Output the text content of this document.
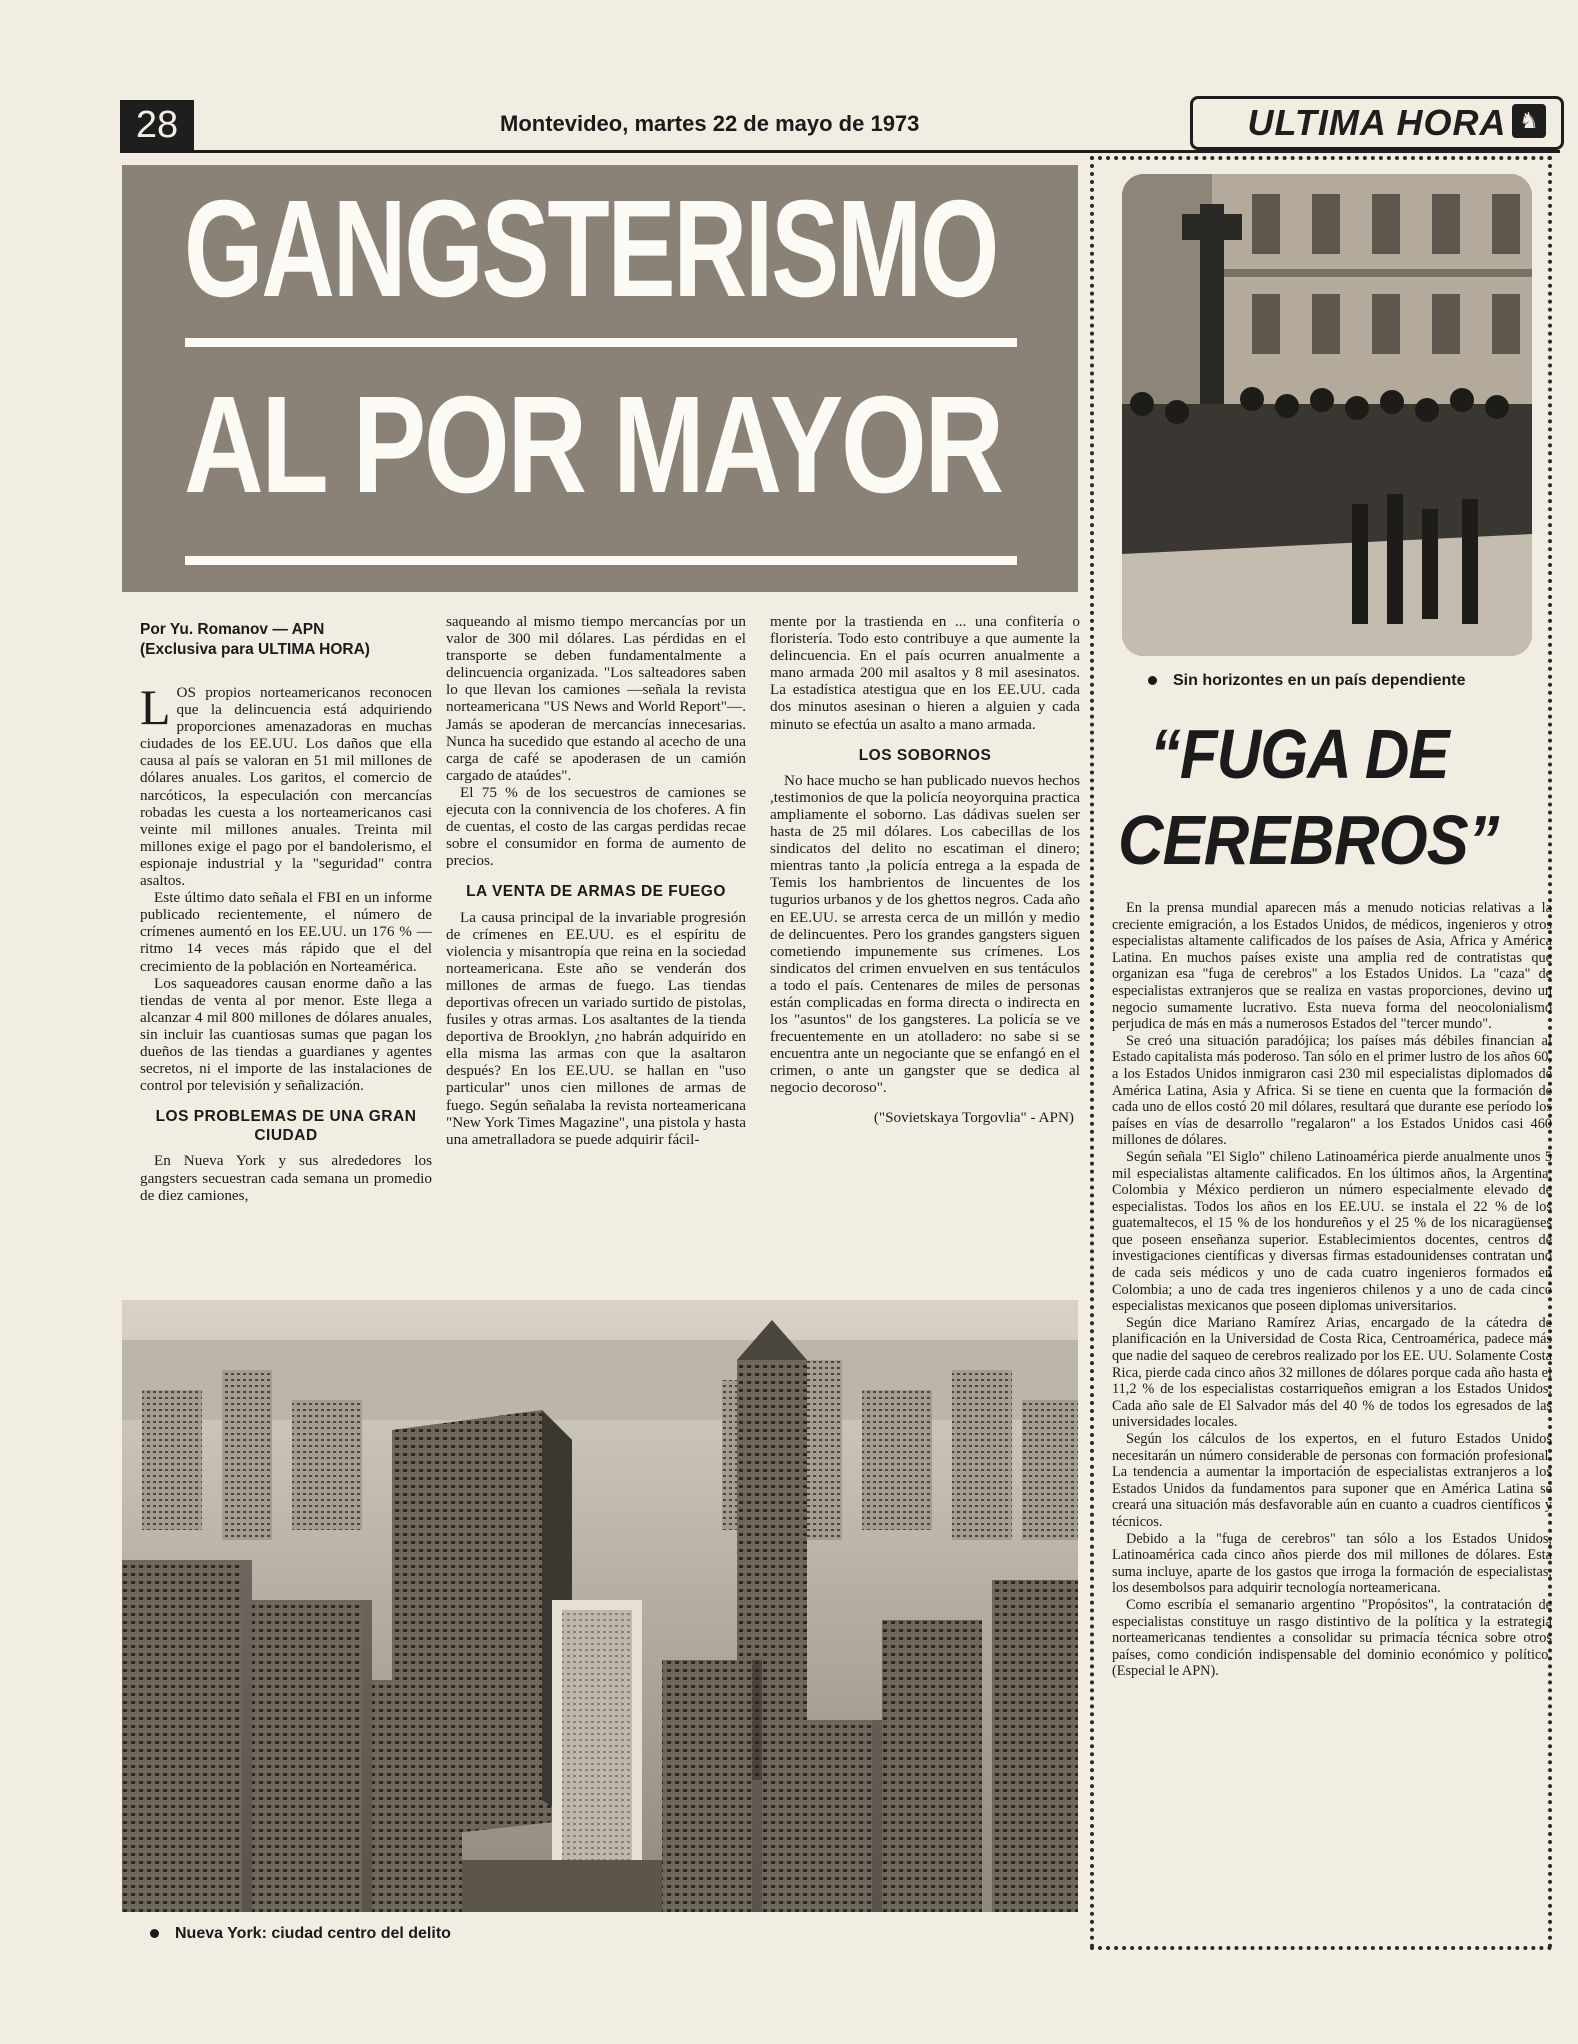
28	Montevideo, martes 22 de mayo de 1973	ULTIMA HORA ♞
GANGSTERISMO
AL POR MAYOR
Por Yu. Romanov — APN
(Exclusiva para ULTIMA HORA)

LOS propios norteamericanos reconocen que la delincuencia está adquiriendo proporciones amenazadoras en muchas ciudades de los EE.UU. Los daños que ella causa al país se valoran en 51 mil millones de dólares anuales. Los garitos, el comercio de narcóticos, la especulación con mercancías robadas les cuesta a los norteamericanos casi veinte mil millones anuales. Treinta mil millones exige el pago por el bandolerismo, el espionaje industrial y la "seguridad" contra asaltos.

Este último dato señala el FBI en un informe publicado recientemente, el número de crímenes aumentó en los EE.UU. un 176 % —ritmo 14 veces más rápido que el del crecimiento de la población en Norteamérica.

Los saqueadores causan enorme daño a las tiendas de venta al por menor. Este llega a alcanzar 4 mil 800 millones de dólares anuales, sin incluir las cuantiosas sumas que pagan los dueños de las tiendas a guardianes y agentes secretos, ni el importe de las instalaciones de control por televisión y señalización.

LOS PROBLEMAS DE UNA GRAN
CIUDAD

En Nueva York y sus alrededores los gangsters secuestran cada semana un promedio de diez camiones,

saqueando al mismo tiempo mercancías por un valor de 300 mil dólares. Las pérdidas en el transporte se deben fundamentalmente a delincuencia organizada. "Los salteadores saben lo que llevan los camiones —señala la revista norteamericana "US News and World Report"—. Jamás se apoderan de mercancías innecesarias. Nunca ha sucedido que estando al acecho de una carga de café se apoderasen de un camión cargado de ataúdes".

El 75 % de los secuestros de camiones se ejecuta con la connivencia de los choferes. A fin de cuentas, el costo de las cargas perdidas recae sobre el consumidor en forma de aumento de precios.

LA VENTA DE ARMAS DE FUEGO

La causa principal de la invariable progresión de crímenes en EE.UU. es el espíritu de violencia y misantropía que reina en la sociedad norteamericana. Este año se venderán dos millones de armas de fuego. Las tiendas deportivas ofrecen un variado surtido de pistolas, fusiles y otras armas. Los asaltantes de la tienda deportiva de Brooklyn, ¿no habrán adquirido en ella misma las armas con que la asaltaron después? En los EE.UU. se hallan en "uso particular" unos cien millones de armas de fuego. Según señalaba la revista norteamericana "New York Times Magazine", una pistola y hasta una ametralladora se puede adquirir fácil-

mente por la trastienda en ... una confitería o floristería. Todo esto contribuye a que aumente la delincuencia. En el país ocurren anualmente a mano armada 200 mil asaltos y 8 mil asesinatos. La estadística atestigua que en los EE.UU. cada dos minutos asesinan o hieren a alguien y cada minuto se efectúa un asalto a mano armada.

LOS SOBORNOS

No hace mucho se han publicado nuevos hechos ,testimonios de que la policía neoyorquina practica ampliamente el soborno. Las dádivas suelen ser hasta de 25 mil dólares. Los cabecillas de los sindicatos del delito no escatiman el dinero; mientras tanto ,la policía entrega a la espada de Temis los hambrientos de lincuentes de los tugurios urbanos y de los ghettos negros. Cada año en EE.UU. se arresta cerca de un millón y medio de delincuentes. Pero los grandes gangsters siguen cometiendo impunemente sus crímenes. Los sindicatos del crimen envuelven en sus tentáculos a todo el país. Centenares de miles de personas están complicadas en forma directa o indirecta en los "asuntos" de los gangsteres. La policía se ve frecuentemente en un atolladero: no sabe si se encuentra ante un negociante que se enfangó en el crimen, o ante un gangster que se dedica al negocio decoroso".

("Sovietskaya Torgovlia" - APN)
Nueva York: ciudad centro del delito
Sin horizontes en un país dependiente
“FUGA DE
CEREBROS”

En la prensa mundial aparecen más a menudo noticias relativas a la creciente emigración, a los Estados Unidos, de médicos, ingenieros y otros especialistas altamente calificados de los países de Asia, Africa y América Latina. En muchos países existe una amplia red de contratistas que organizan esa "fuga de cerebros" a los Estados Unidos. La "caza" de especialistas extranjeros que se realiza en vastas proporciones, devino un negocio sumamente lucrativo. Esta nueva forma del neocolonialismo perjudica de más en más a numerosos Estados del "tercer mundo".

Se creó una situación paradójica; los países más débiles financian al Estado capitalista más poderoso. Tan sólo en el primer lustro de los años 60, a los Estados Unidos inmigraron casi 230 mil especialistas diplomados de América Latina, Asia y Africa. Si se tiene en cuenta que la formación de cada uno de ellos costó 20 mil dólares, resultará que durante ese período los países en vías de desarrollo "regalaron" a los Estados Unidos casi 460 millones de dólares.

Según señala "El Siglo" chileno Latinoamérica pierde anualmente unos 5 mil especialistas altamente calificados. En los últimos años, la Argentina, Colombia y México perdieron un número especialmente elevado de especialistas. Todos los años en los EE.UU. se instala el 22 % de los guatemaltecos, el 15 % de los hondureños y el 25 % de los nicaragüenses que poseen enseñanza superior. Establecimientos docentes, centros de investigaciones científicas y diversas firmas estadounidenses contratan uno de cada seis médicos y uno de cada cuatro ingenieros formados en Colombia; a uno de cada tres ingenieros chilenos y a uno de cada cinco especialistas mexicanos que poseen diplomas universitarios.

Según dice Mariano Ramírez Arias, encargado de la cátedra de planificación en la Universidad de Costa Rica, Centroamérica, padece más que nadie del saqueo de cerebros realizado por los EE. UU. Solamente Costa Rica, pierde cada cinco años 32 millones de dólares porque cada año hasta el 11,2 % de los especialistas costarriqueños emigran a los Estados Unidos. Cada año sale de El Salvador más del 40 % de todos los egresados de las universidades locales.

Según los cálculos de los expertos, en el futuro Estados Unidos necesitarán un número considerable de personas con formación profesional. La tendencia a aumentar la importación de especialistas extranjeros a los Estados Unidos da fundamentos para suponer que en América Latina se creará una situación más desfavorable aún en cuanto a cuadros científicos y técnicos.

Debido a la "fuga de cerebros" tan sólo a los Estados Unidos, Latinoamérica cada cinco años pierde dos mil millones de dólares. Esta suma incluye, aparte de los gastos que irroga la formación de especialistas, los desembolsos para adquirir tecnología norteamericana.

Como escribía el semanario argentino "Propósitos", la contratación de especialistas constituye un rasgo distintivo de la política y la estrategia norteamericanas tendientes a consolidar su primacía técnica sobre otros países, como condición indispensable del dominio económico y político. (Especial le APN).
